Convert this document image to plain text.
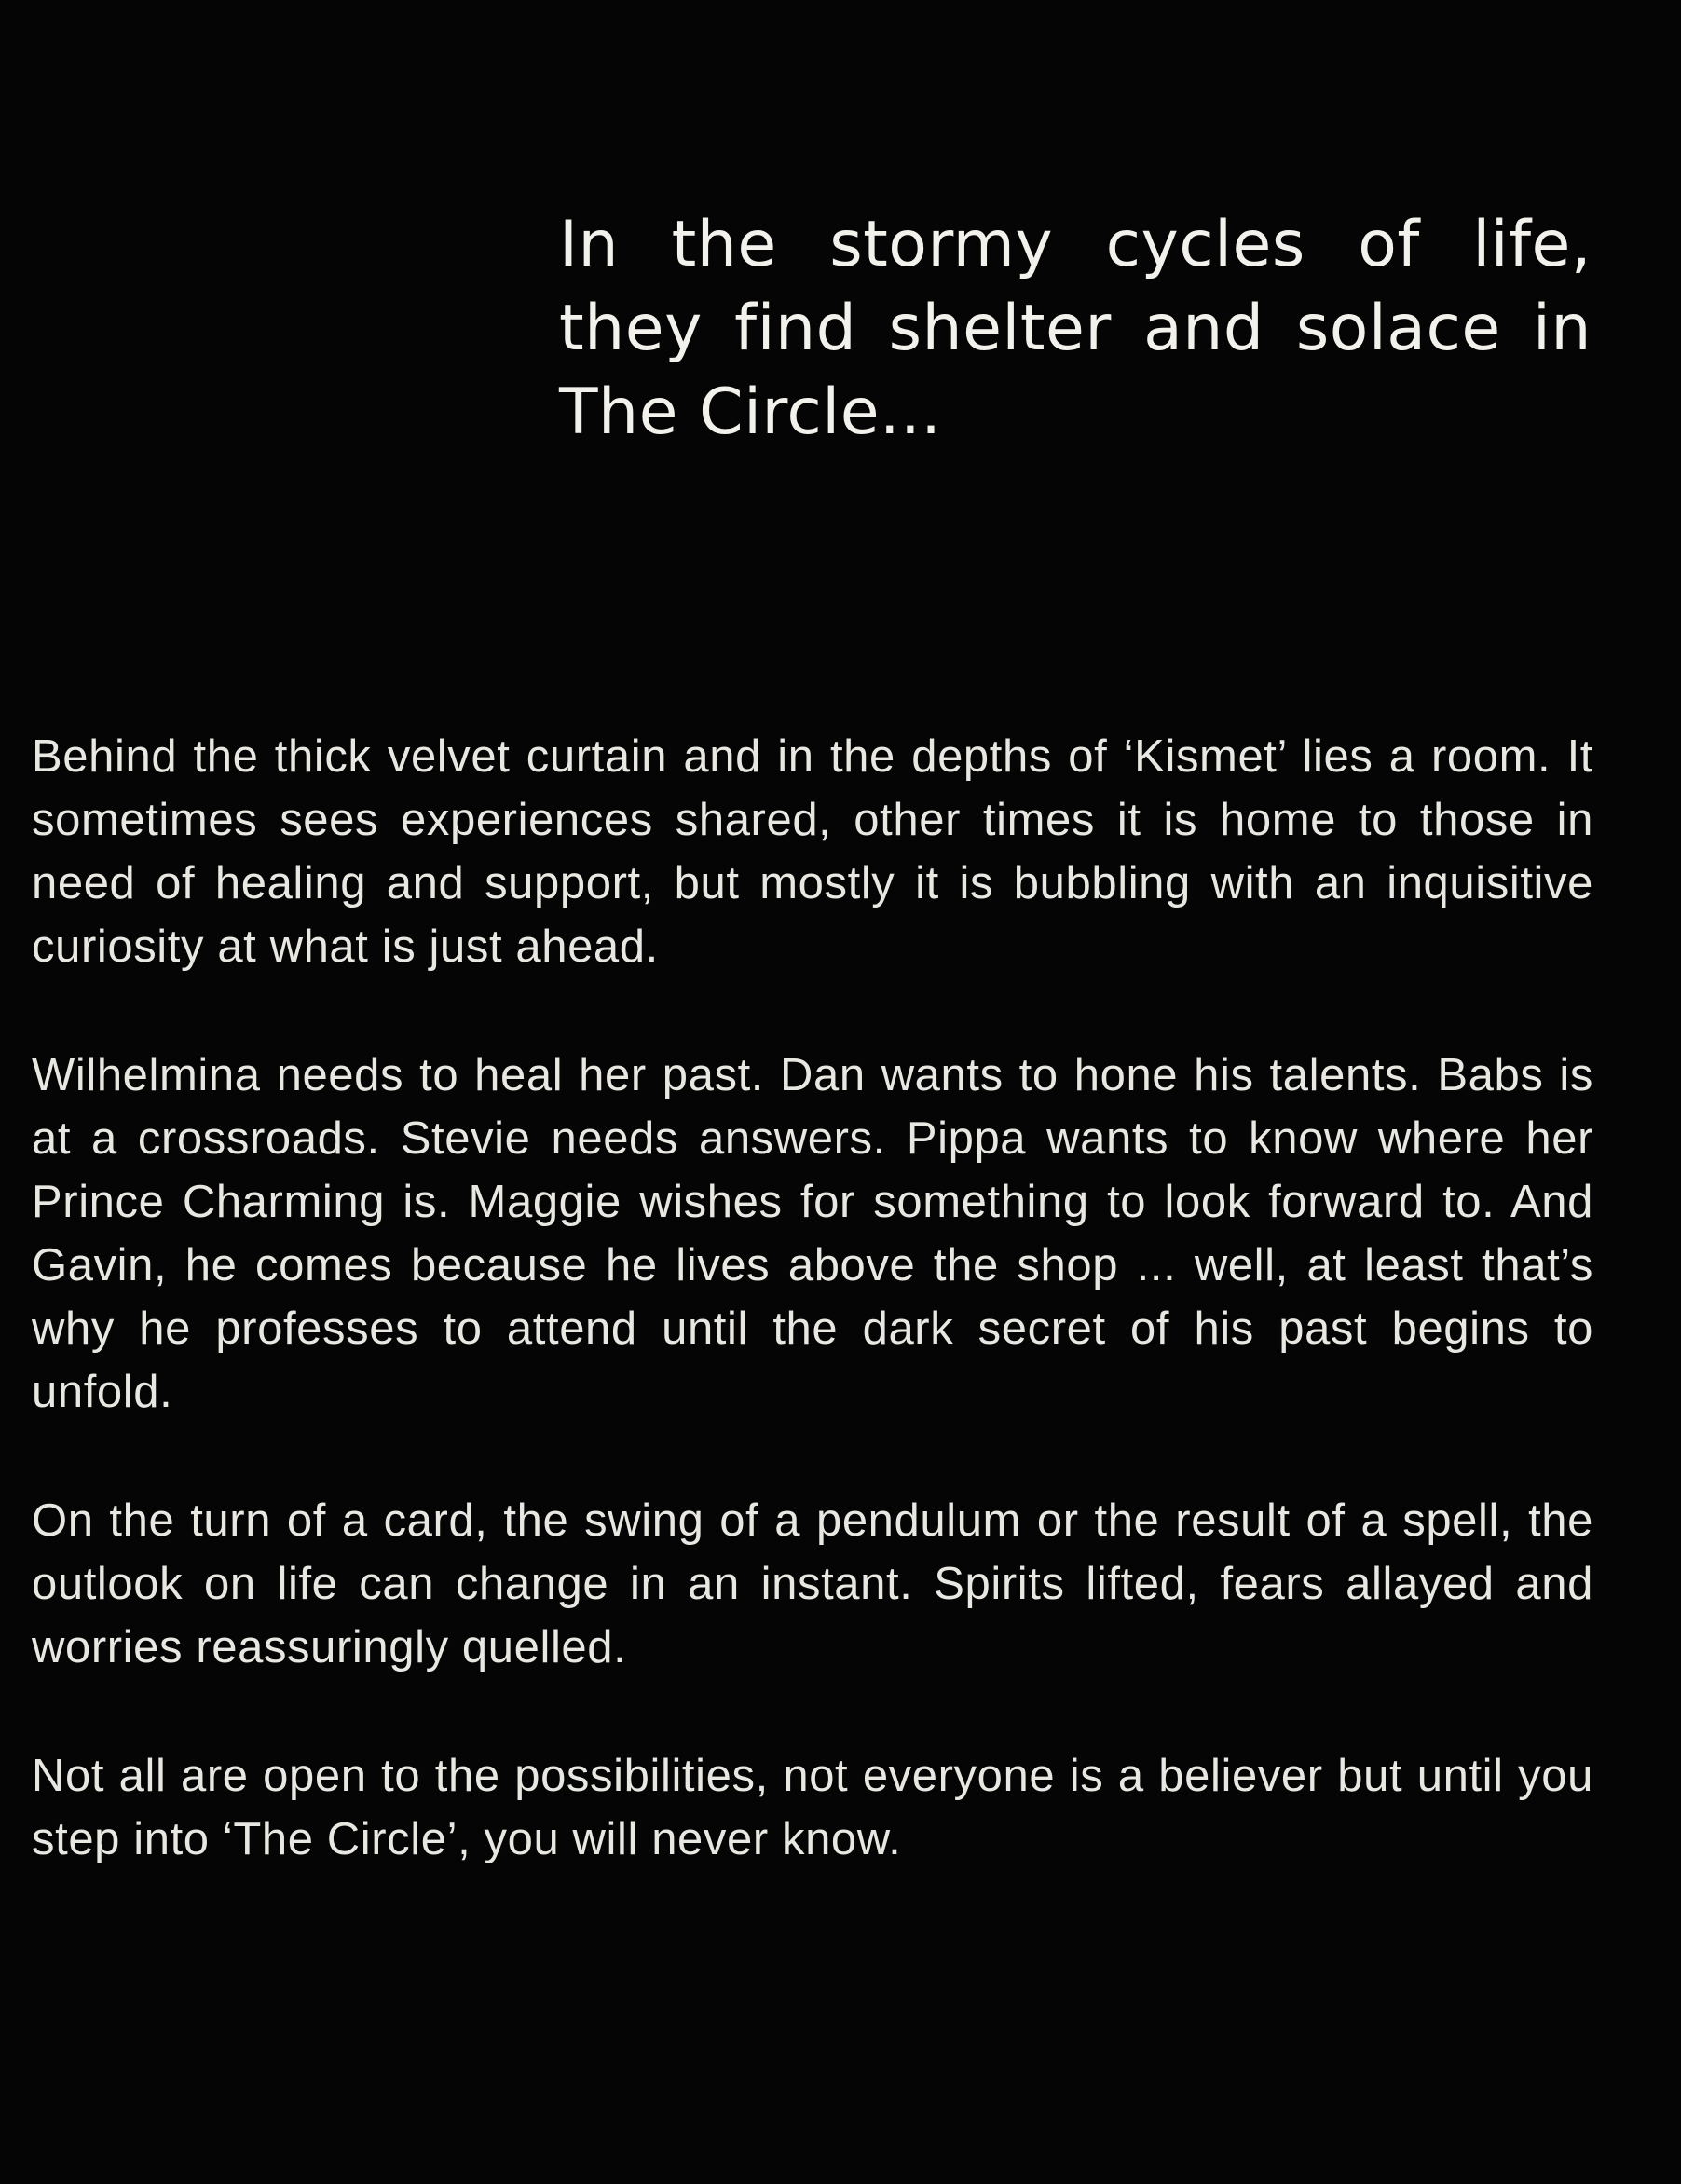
In the stormy cycles of life, they find shelter and solace in The Circle...

Behind the thick velvet curtain and in the depths of ‘Kismet’ lies a room. It sometimes sees experiences shared, other times it is home to those in need of healing and support, but mostly it is bubbling with an inquisitive curiosity at what is just ahead.

Wilhelmina needs to heal her past. Dan wants to hone his talents. Babs is at a crossroads. Stevie needs answers. Pippa wants to know where her Prince Charming is. Maggie wishes for something to look forward to. And Gavin, he comes because he lives above the shop ... well, at least that’s why he professes to attend until the dark secret of his past begins to unfold.

On the turn of a card, the swing of a pendulum or the result of a spell, the outlook on life can change in an instant. Spirits lifted, fears allayed and worries reassuringly quelled.

Not all are open to the possibilities, not everyone is a believer but until you step into ‘The Circle’, you will never know.
